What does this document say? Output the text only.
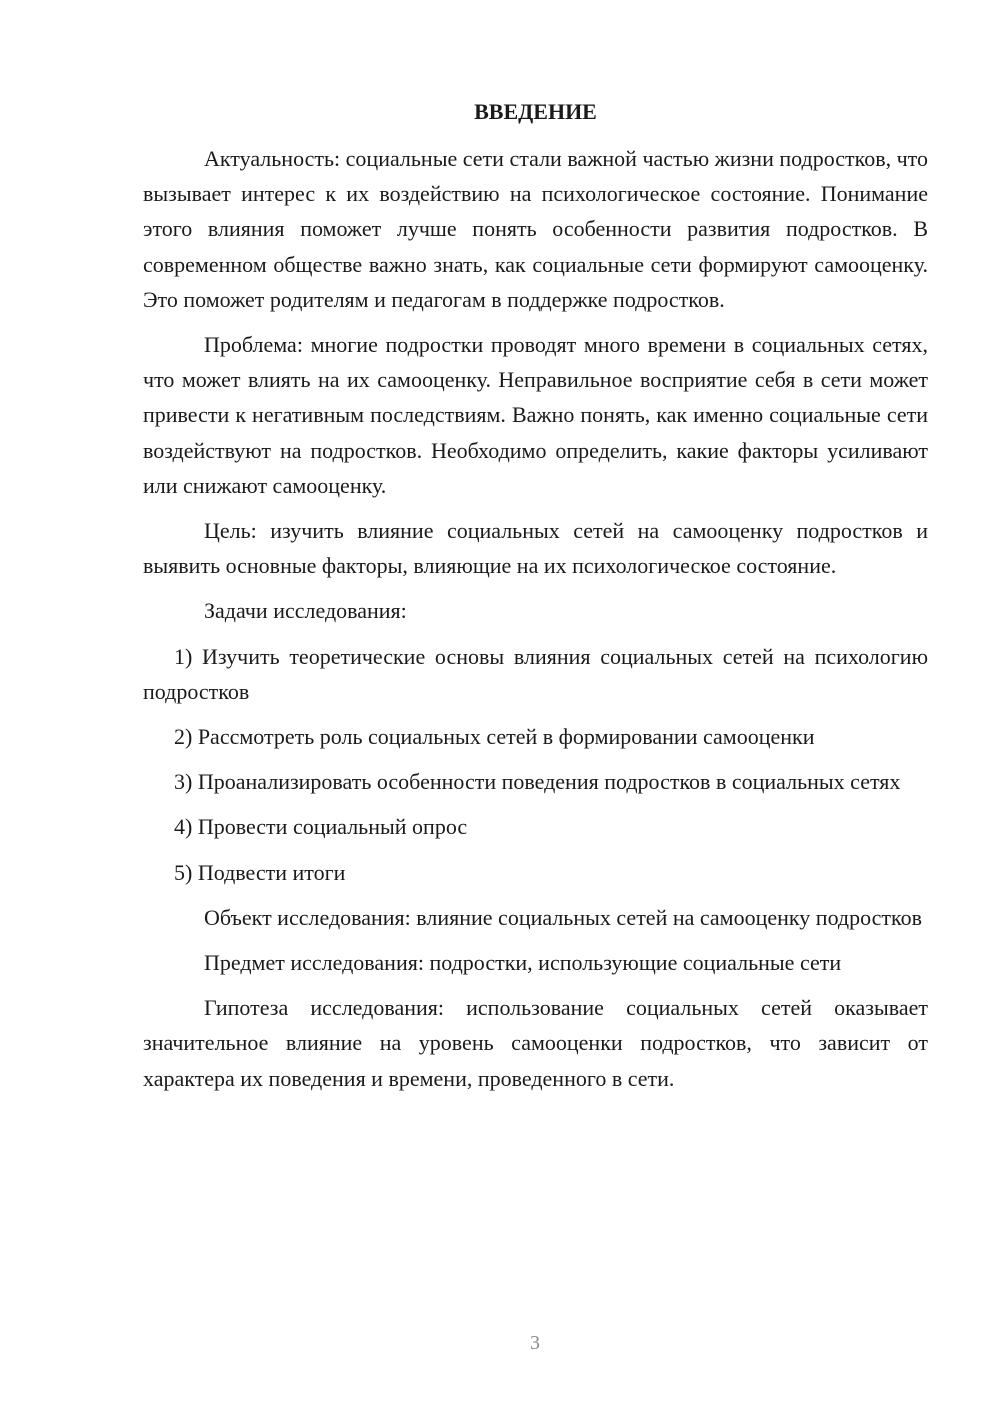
ВВЕДЕНИЕ

Актуальность: социальные сети стали важной частью жизни подростков, что вызывает интерес к их воздействию на психологическое состояние. Понимание этого влияния поможет лучше понять особенности развития подростков. В современном обществе важно знать, как социальные сети формируют самооценку. Это поможет родителям и педагогам в поддержке подростков.

Проблема: многие подростки проводят много времени в социальных сетях, что может влиять на их самооценку. Неправильное восприятие себя в сети может привести к негативным последствиям. Важно понять, как именно социальные сети воздействуют на подростков. Необходимо определить, какие факторы усиливают или снижают самооценку.

Цель: изучить влияние социальных сетей на самооценку подростков и выявить основные факторы, влияющие на их психологическое состояние.

Задачи исследования:

1) Изучить теоретические основы влияния социальных сетей на психологию подростков

2) Рассмотреть роль социальных сетей в формировании самооценки

3) Проанализировать особенности поведения подростков в социальных сетях

4) Провести социальный опрос

5) Подвести итоги

Объект исследования: влияние социальных сетей на самооценку подростков

Предмет исследования: подростки, использующие социальные сети

Гипотеза исследования: использование социальных сетей оказывает значительное влияние на уровень самооценки подростков, что зависит от характера их поведения и времени, проведенного в сети.

3
